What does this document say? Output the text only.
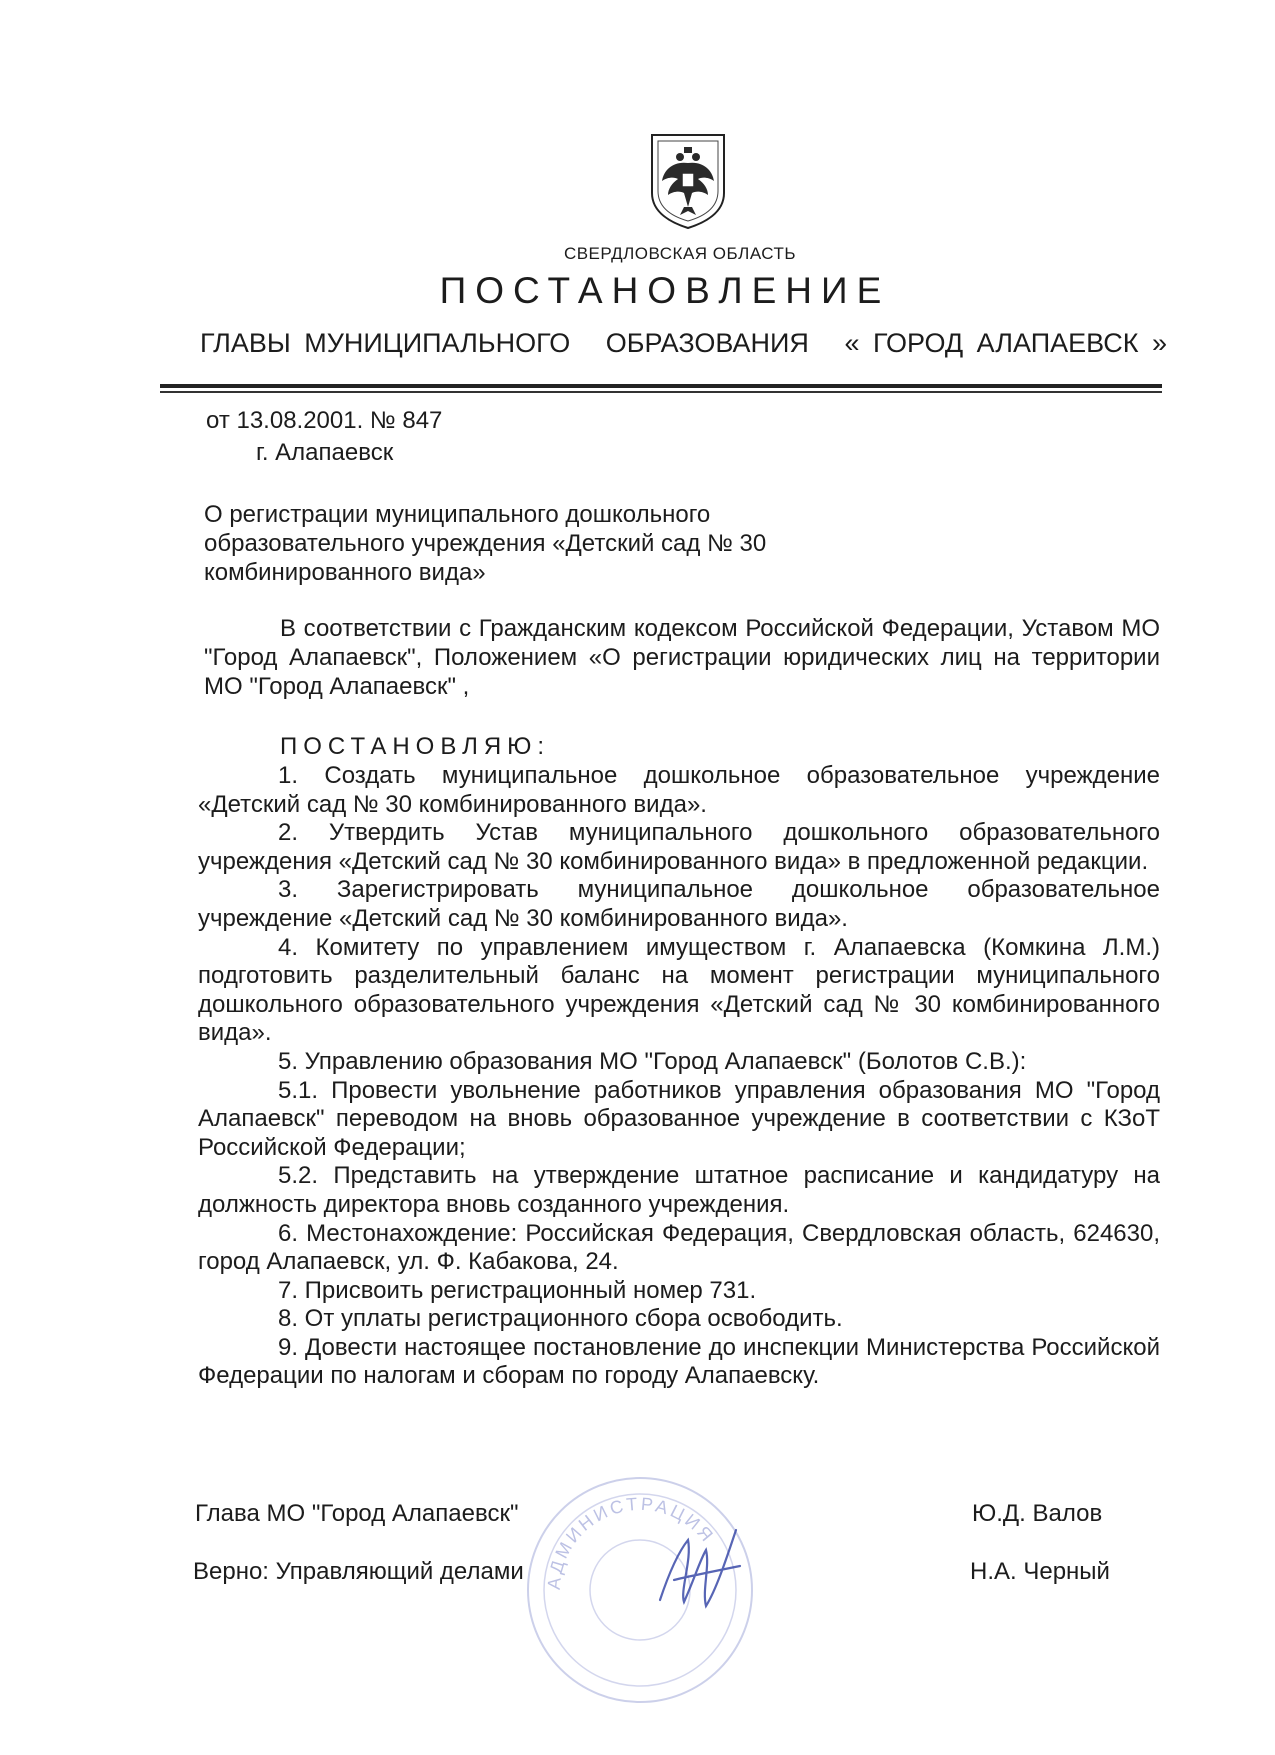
СВЕРДЛОВСКАЯ ОБЛАСТЬ
ПОСТАНОВЛЕНИЕ
ГЛАВЫ МУНИЦИПАЛЬНОГО ОБРАЗОВАНИЯ « ГОРОД АЛАПАЕВСК »
от 13.08.2001. № 847
г. Алапаевск
О регистрации муниципального дошкольного
образовательного учреждения «Детский сад № 30
комбинированного вида»

В соответствии с Гражданским кодексом Российской Федерации, Уставом МО "Город Алапаевск", Положением «О регистрации юридических лиц на территории МО "Город Алапаевск" ,

ПОСТАНОВЛЯЮ:

1. Создать муниципальное дошкольное образовательное учреждение «Детский сад № 30 комбинированного вида».

2. Утвердить Устав муниципального дошкольного образовательного учреждения «Детский сад № 30 комбинированного вида» в предложенной редакции.

3. Зарегистрировать муниципальное дошкольное образовательное учреждение «Детский сад № 30 комбинированного вида».

4. Комитету по управлением имуществом г. Алапаевска (Комкина Л.М.) подготовить разделительный баланс на момент регистрации муниципального дошкольного образовательного учреждения «Детский сад № 30 комбинированного вида».

5. Управлению образования МО "Город Алапаевск" (Болотов С.В.):

5.1. Провести увольнение работников управления образования МО "Город Алапаевск" переводом на вновь образованное учреждение в соответствии с КЗоТ Российской Федерации;

5.2. Представить на утверждение штатное расписание и кандидатуру на должность директора вновь созданного учреждения.

6. Местонахождение: Российская Федерация, Свердловская область, 624630, город Алапаевск, ул. Ф. Кабакова, 24.

7. Присвоить регистрационный номер 731.

8. От уплаты регистрационного сбора освободить.

9. Довести настоящее постановление до инспекции Министерства Российской Федерации по налогам и сборам по городу Алапаевску.

АДМИНИСТРАЦИЯ
Глава МО "Город Алапаевск"	Ю.Д. Валов
Верно: Управляющий делами	Н.А. Черный
